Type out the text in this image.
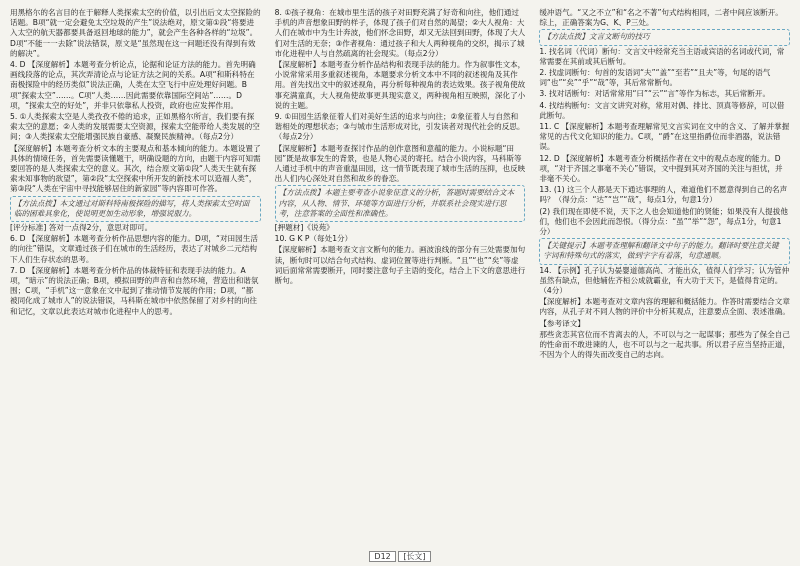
用黑格尔的名言目的在于解释人类探索太空的价值，以引出后文太空探险的话题。B项“就一定会避免太空垃圾的产生”说法绝对，原文第①段“将要进入太空的航天器都要具备返回地球的能力”，就会产生各种各样的“垃圾”。D项“不能一一去除”说法错误，原文是“虽然现在这一问题还没有得到有效的解决”。

4. D 【深度解析】本题考查分析论点，论据和论证方法的能力。首先明确画线段落的论点，其次弄清论点与论证方法之间的关系。A项“和斯科特在南极探险中的经历类似”说法正确，人类在太空飞行中应处理好问题。B项“探索太空”……。C项“人类……因此需要依靠国际空间站”……。D项，“探索太空的好处”，并非只依靠私人投资，政府也应发挥作用。

5. ①人类探索太空是人类孜孜不倦的追求，正如黑格尔所言，我们要有探索太空的意愿；②人类的发展需要太空资源，探索太空能带给人类发展的空间；③人类探索太空能增强民族自豪感、凝聚民族精神。（每点2分）

【深度解析】本题考查分析文本的主要观点和基本倾向的能力。本题设置了具体的情境任务，首先需要读懂题干，明确设题的方向，由题干内容可知需要回答的是人类探索太空的意义。其次，结合原文第①段“人类天生就有探索未知事物的欲望”，第②段“太空探索中所开发的新技术可以造福人类”，第③段“人类在宇宙中寻找能够居住的新家园”等内容即可作答。

【方法点拨】本文通过对斯科特南极探险的描写，将人类探索太空时面临的困难具象化，使说明更加生动形象，增强说服力。

[评分标准] 答对一点得2分，意思对即可。

6. D 【深度解析】本题考查分析作品思想内容的能力。D项，“对田园生活的向往”错误，文章通过孩子们在城市的生活经历，表达了对城乡二元结构下人们生存状态的思考。

7. D 【深度解析】本题考查分析作品的体裁特征和表现手法的能力。A项，“暗示”的说法正确；B项，模拟田野的声音和自然环境，营造出和谐氛围；C项，“手机”这一意象在文中起到了推动情节发展的作用；D项，“都被同化成了城市人”的说法错误，马科斯在城市中依然保留了对乡村的向往和记忆，文章以此表达对城市化进程中人的思考。

8. ①孩子视角：在城市里生活的孩子对田野充满了好奇和向往，他们通过手机的声音想象田野的样子，体现了孩子们对自然的渴望；②大人视角：大人们在城市中为生计奔波，他们怀念田野，却又无法回到田野，体现了大人们对生活的无奈；③作者视角：通过孩子和大人两种视角的交织，揭示了城市化进程中人与自然疏离的社会现实。（每点2分）

【深度解析】本题考查分析作品结构和表现手法的能力。作为叙事性文本，小说常常采用多重叙述视角，本题要求分析文本中不同的叙述视角及其作用。首先找出文中的叙述视角，再分析每种视角的表达效果。孩子视角使故事充满童真，大人视角使故事更具现实意义，两种视角相互映照，深化了小说的主题。

9. ①田园生活象征着人们对美好生活的追求与向往；②象征着人与自然和谐相处的理想状态；③与城市生活形成对比，引发读者对现代社会的反思。（每点2分）

【深度解析】本题考查探讨作品的创作意图和意蕴的能力。小说标题“田园”既是故事发生的背景，也是人物心灵的寄托。结合小说内容，马科斯等人通过手机中的声音重温田园，这一情节既表现了城市生活的压抑，也反映出人们内心深处对自然和故乡的眷恋。

【方法点拨】本题主要考查小说象征意义的分析，答题时需要结合文本内容，从人物、情节、环境等方面进行分析，并联系社会现实进行思考，注意答案的全面性和准确性。

[押题材]《说苑》

10. G K P（每处1分）

【深度解析】本题考查文言文断句的能力。画波浪线的部分有三处需要加句读，断句时可以结合句式结构、虚词位置等进行判断。“且”“也”“矣”等虚词后面常常需要断开，同时要注意句子主语的变化，结合上下文的意思进行断句。

缓冲语气。“又之不立”和“名之不著”句式结构相同，二者中间应该断开。综上，正确答案为G、K、P三处。

【方法点拨】文言文断句的技巧

1. 找名词（代词）断句：文言文中经常充当主语或宾语的名词或代词，常常需要在其前或其后断句。

2. 找虚词断句：句首的发语词“夫”“盖”“至若”“且夫”等，句尾的语气词“也”“矣”“乎”“哉”等，其后常常断句。

3. 找对话断句：对话常常用“曰”“云”“言”等作为标志，其后常断开。

4. 找结构断句：文言文讲究对称，常用对偶、排比、顶真等修辞，可以借此断句。

11. C 【深度解析】本题考查理解常见文言实词在文中的含义、了解并掌握常见的古代文化知识的能力。C项，“爵”在这里指爵位而非酒器，说法错误。

12. D 【深度解析】本题考查分析概括作者在文中的观点态度的能力。D项，“对于齐国之事毫不关心”错误，文中提到其对齐国的关注与担忧，并非毫不关心。

13. (1) 这三个人都是天下通达事理的人，难道他们不愿意得到自己的名声吗？（得分点：“达”“岂”“哉”，每点1分，句意1分）

(2) 我们现在即使不说，天下之人也会知道他们的贤能；如果没有人提拔他们，他们也不会因此而怨恨。（得分点：“虽”“举”“怨”，每点1分，句意1分）

【关键提示】本题考查理解和翻译文中句子的能力。翻译时要注意关键字词和特殊句式的落实，做到字字有着落，句意通顺。

14. 【示例】孔子认为晏婴道德高尚、才能出众，值得人们学习；认为管仲虽然有缺点，但他辅佐齐桓公成就霸业，有大功于天下，是值得肯定的。（4分）

【深度解析】本题考查对文章内容的理解和概括能力。作答时需要结合文章内容，从孔子对不同人物的评价中分析其观点，注意要点全面、表述准确。

【参考译文】

那些贪恋其官位而不肯离去的人，不可以与之一起谋事；那些为了保全自己的性命而不敢进谏的人，也不可以与之一起共事。所以君子应当坚持正道，不因为个人的得失而改变自己的志向。

D12 [长文]
